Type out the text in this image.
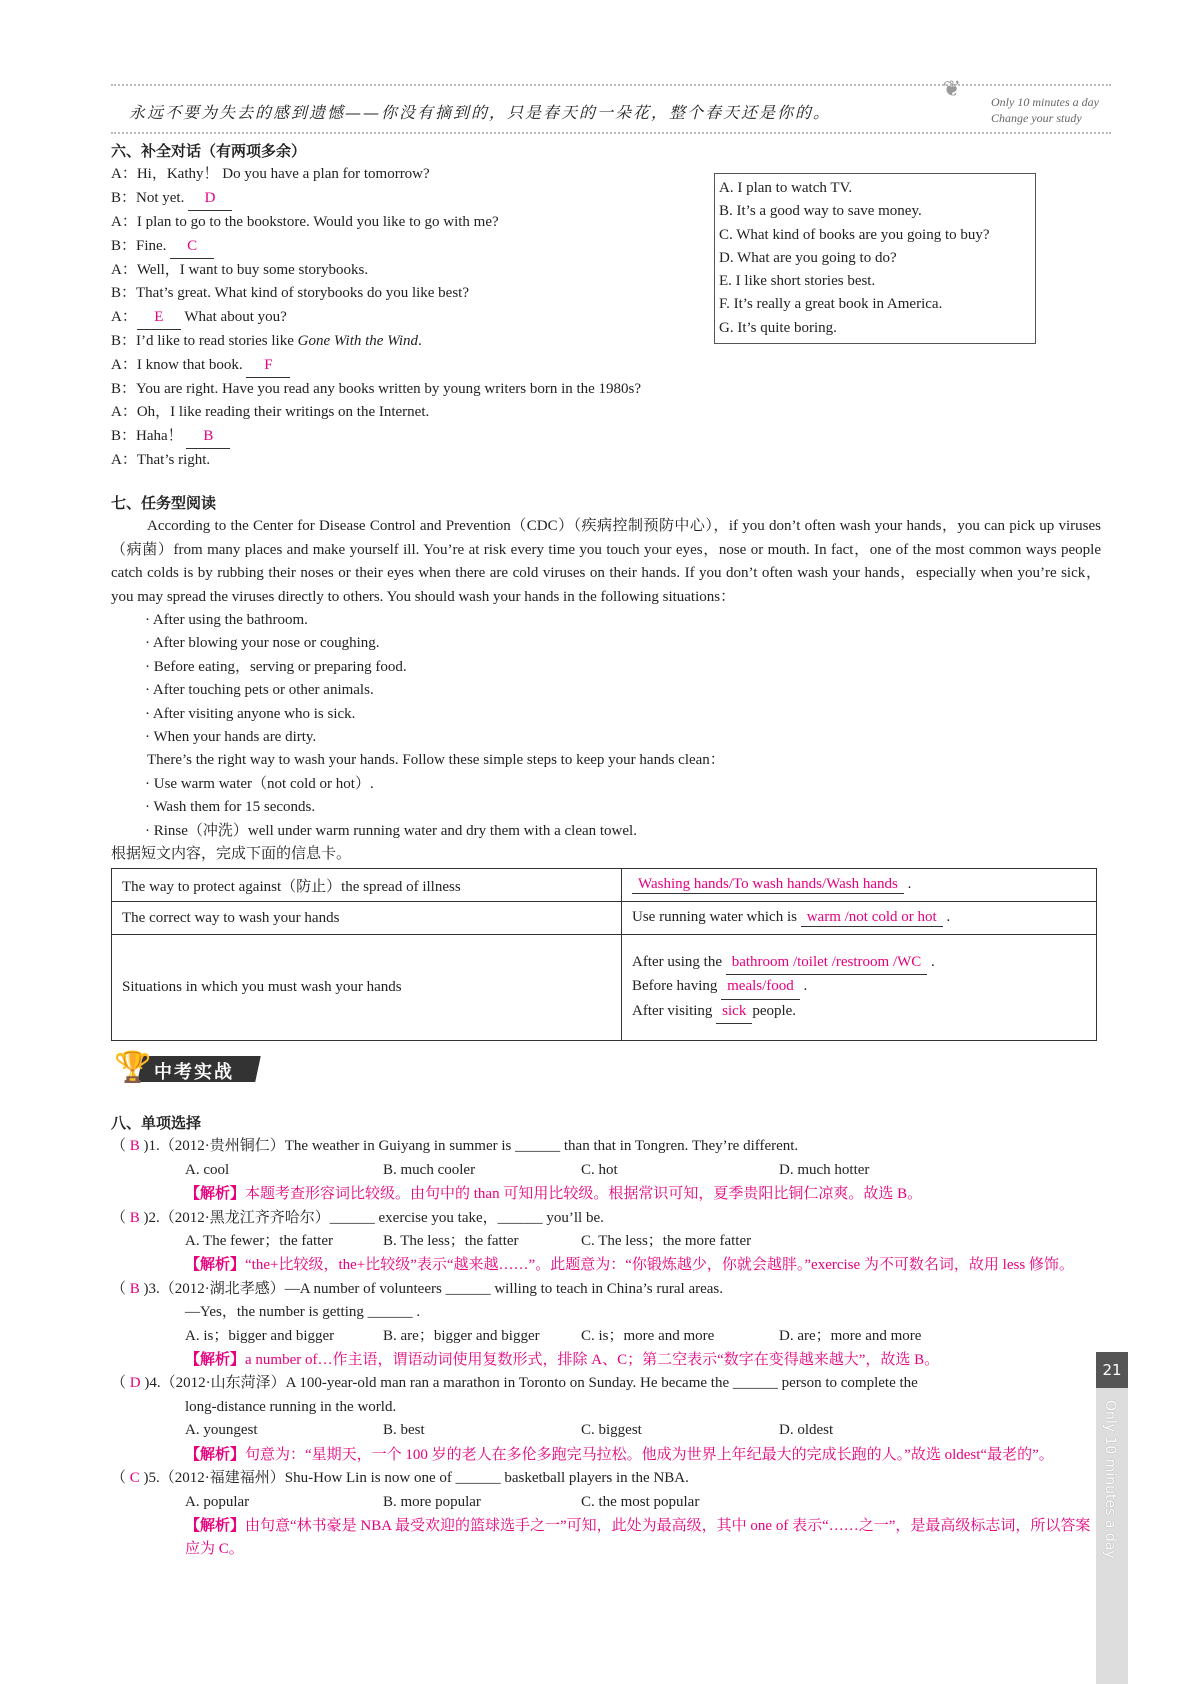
永远不要为失去的感到遗憾——你没有摘到的，只是春天的一朵花，整个春天还是你的。
❦
Only 10 minutes a day
Change your study
六、补全对话（有两项多余）
A：Hi，Kathy！ Do you have a plan for tomorrow?
B：Not yet. D
A：I plan to go to the bookstore. Would you like to go with me?
B：Fine. C
A：Well，I want to buy some storybooks.
B：That’s great. What kind of storybooks do you like best?
A： E What about you?
B：I’d like to read stories like Gone With the Wind.
A：I know that book. F
B：You are right. Have you read any books written by young writers born in the 1980s?
A：Oh，I like reading their writings on the Internet.
B：Haha！ B
A：That’s right.
A. I plan to watch TV.
B. It’s a good way to save money.
C. What kind of books are you going to buy?
D. What are you going to do?
E. I like short stories best.
F. It’s really a great book in America.
G. It’s quite boring.
七、任务型阅读

According to the Center for Disease Control and Prevention（CDC）（疾病控制预防中心），if you don’t often wash your hands，you can pick up viruses（病菌）from many places and make yourself ill. You’re at risk every time you touch your eyes，nose or mouth. In fact，one of the most common ways people catch colds is by rubbing their noses or their eyes when there are cold viruses on their hands. If you don’t often wash your hands，especially when you’re sick，you may spread the viruses directly to others. You should wash your hands in the following situations：

· After using the bathroom.
· After blowing your nose or coughing.
· Before eating，serving or preparing food.
· After touching pets or other animals.
· After visiting anyone who is sick.
· When your hands are dirty.

There’s the right way to wash your hands. Follow these simple steps to keep your hands clean：

· Use warm water（not cold or hot）.
· Wash them for 15 seconds.
· Rinse（冲洗）well under warm running water and dry them with a clean towel.
根据短文内容，完成下面的信息卡。
The way to protect against（防止）the spread of illness	Washing hands/To wash hands/Wash hands .
The correct way to wash your hands	Use running water which is warm /not cold or hot .
Situations in which you must wash your hands	After using the bathroom /toilet /restroom /WC .
Before having meals/food .
After visiting sick people.
🏆 中考实战
八、单项选择
（ B )1.（2012·贵州铜仁）The weather in Guiyang in summer is ______ than that in Tongren. They’re different.
A. cool	B. much cooler	C. hot	D. much hotter
【解析】本题考查形容词比较级。由句中的 than 可知用比较级。根据常识可知，夏季贵阳比铜仁凉爽。故选 B。
（ B )2.（2012·黑龙江齐齐哈尔）______ exercise you take，______ you’ll be.
A. The fewer；the fatter	B. The less；the fatter	C. The less；the more fatter
【解析】“the+比较级，the+比较级”表示“越来越……”。此题意为：“你锻炼越少，你就会越胖。”exercise 为不可数名词，故用 less 修饰。
（ B )3.（2012·湖北孝感）—A number of volunteers ______ willing to teach in China’s rural areas.
—Yes，the number is getting ______ .
A. is；bigger and bigger	B. are；bigger and bigger	C. is；more and more	D. are；more and more
【解析】a number of…作主语，谓语动词使用复数形式，排除 A、C；第二空表示“数字在变得越来越大”，故选 B。
（ D )4.（2012·山东菏泽）A 100-year-old man ran a marathon in Toronto on Sunday. He became the ______ person to complete the
long-distance running in the world.
A. youngest	B. best	C. biggest	D. oldest
【解析】句意为：“星期天，一个 100 岁的老人在多伦多跑完马拉松。他成为世界上年纪最大的完成长跑的人。”故选 oldest“最老的”。
（ C )5.（2012·福建福州）Shu-How Lin is now one of ______ basketball players in the NBA.
A. popular	B. more popular	C. the most popular
【解析】由句意“林书豪是 NBA 最受欢迎的篮球选手之一”可知，此处为最高级，其中 one of 表示“……之一”，是最高级标志词，所以答案应为 C。
21
Only 10 minutes a day
